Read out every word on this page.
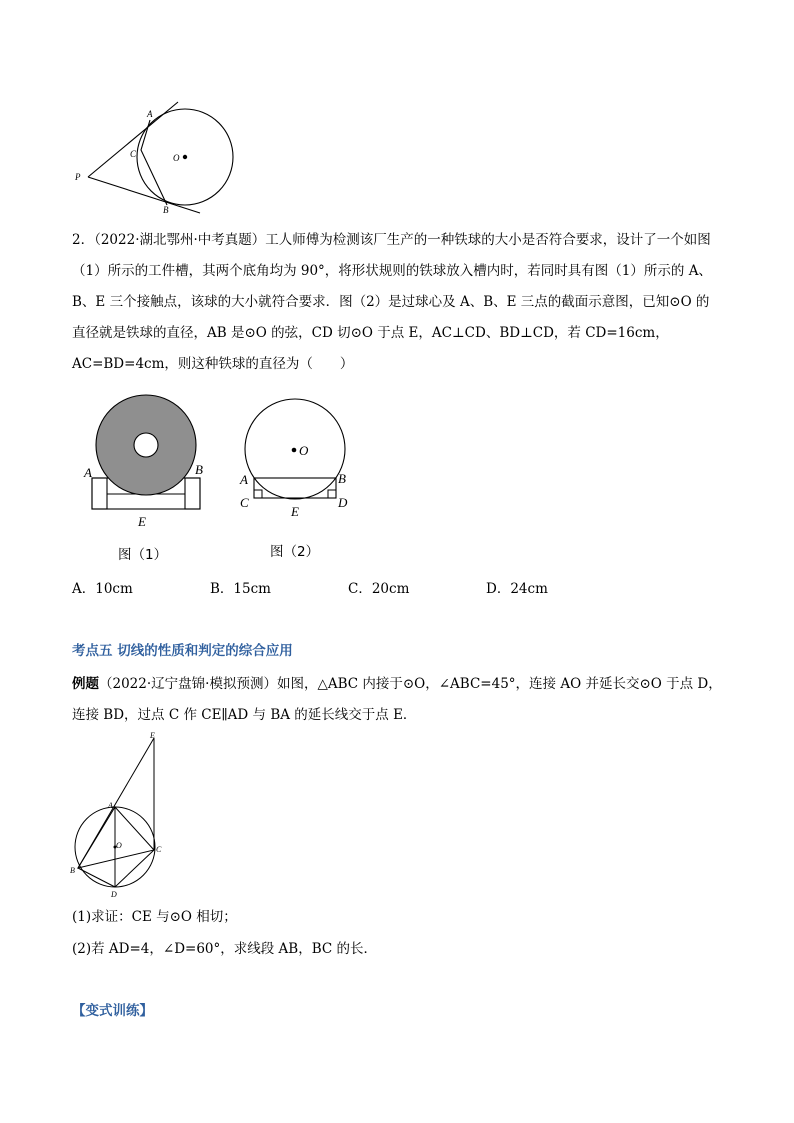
A
C	O
P
B
2．（2022·湖北鄂州·中考真题）工人师傅为检测该厂生产的一种铁球的大小是否符合要求，设计了一个如图
（1）所示的工件槽，其两个底角均为 90°，将形状规则的铁球放入槽内时，若同时具有图（1）所示的 A、
B、E 三个接触点，该球的大小就符合要求．图（2）是过球心及 A、B、E 三点的截面示意图，已知⊙O 的
直径就是铁球的直径，AB 是⊙O 的弦，CD 切⊙O 于点 E，AC⊥CD、BD⊥CD，若 CD=16cm，
AC=BD=4cm，则这种铁球的直径为（　　）
A	B
E
图（1）
O
A	B
C	D
E
图（2）
A．10cm	B．15cm	C．20cm	D．24cm
考点五 切线的性质和判定的综合应用
例题（2022·辽宁盘锦·模拟预测）如图，△ABC 内接于⊙O，∠ABC=45°，连接 AO 并延长交⊙O 于点 D，
连接 BD，过点 C 作 CE∥AD 与 BA 的延长线交于点 E．
E
A
O	C
B
D
(1)求证：CE 与⊙O 相切；
(2)若 AD=4，∠D=60°，求线段 AB，BC 的长．
【变式训练】
